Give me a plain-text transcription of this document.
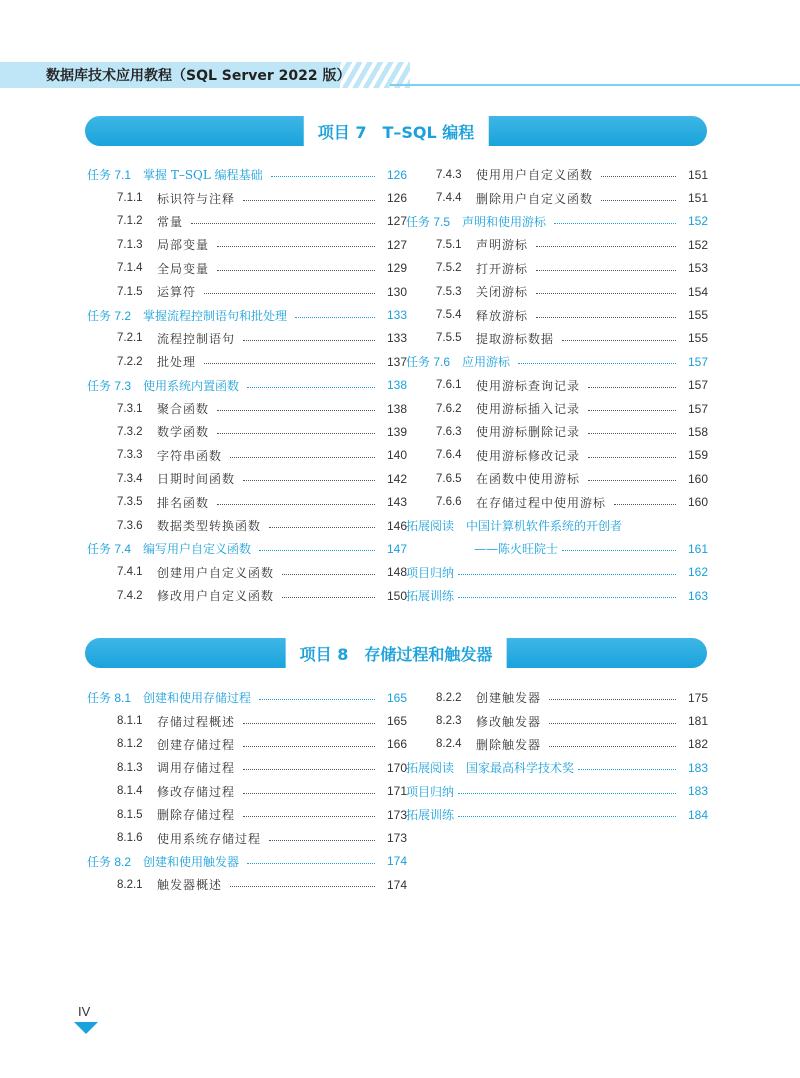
数据库技术应用教程（SQL Server 2022 版）
项目 7　T–SQL 编程
任务 7.1 掌握 T–SQL 编程基础	126
7.1.1	标识符与注释	126
7.1.2	常量	127
7.1.3	局部变量	127
7.1.4	全局变量	129
7.1.5	运算符	130
任务 7.2 掌握流程控制语句和批处理	133
7.2.1	流程控制语句	133
7.2.2	批处理	137
任务 7.3 使用系统内置函数	138
7.3.1	聚合函数	138
7.3.2	数学函数	139
7.3.3	字符串函数	140
7.3.4	日期时间函数	142
7.3.5	排名函数	143
7.3.6	数据类型转换函数	146
任务 7.4 编写用户自定义函数	147
7.4.1	创建用户自定义函数	148
7.4.2	修改用户自定义函数	150
7.4.3	使用用户自定义函数	151
7.4.4	删除用户自定义函数	151
任务 7.5 声明和使用游标	152
7.5.1	声明游标	152
7.5.2	打开游标	153
7.5.3	关闭游标	154
7.5.4	释放游标	155
7.5.5	提取游标数据	155
任务 7.6 应用游标	157
7.6.1	使用游标查询记录	157
7.6.2	使用游标插入记录	157
7.6.3	使用游标删除记录	158
7.6.4	使用游标修改记录	159
7.6.5	在函数中使用游标	160
7.6.6	在存储过程中使用游标	160
拓展阅读	中国计算机软件系统的开创者
——陈火旺院士	161
项目归纳	162
拓展训练	163
项目 8　存储过程和触发器
任务 8.1 创建和使用存储过程	165
8.1.1	存储过程概述	165
8.1.2	创建存储过程	166
8.1.3	调用存储过程	170
8.1.4	修改存储过程	171
8.1.5	删除存储过程	173
8.1.6	使用系统存储过程	173
任务 8.2 创建和使用触发器	174
8.2.1	触发器概述	174
8.2.2	创建触发器	175
8.2.3	修改触发器	181
8.2.4	删除触发器	182
拓展阅读	国家最高科学技术奖	183
项目归纳	183
拓展训练	184
IV
